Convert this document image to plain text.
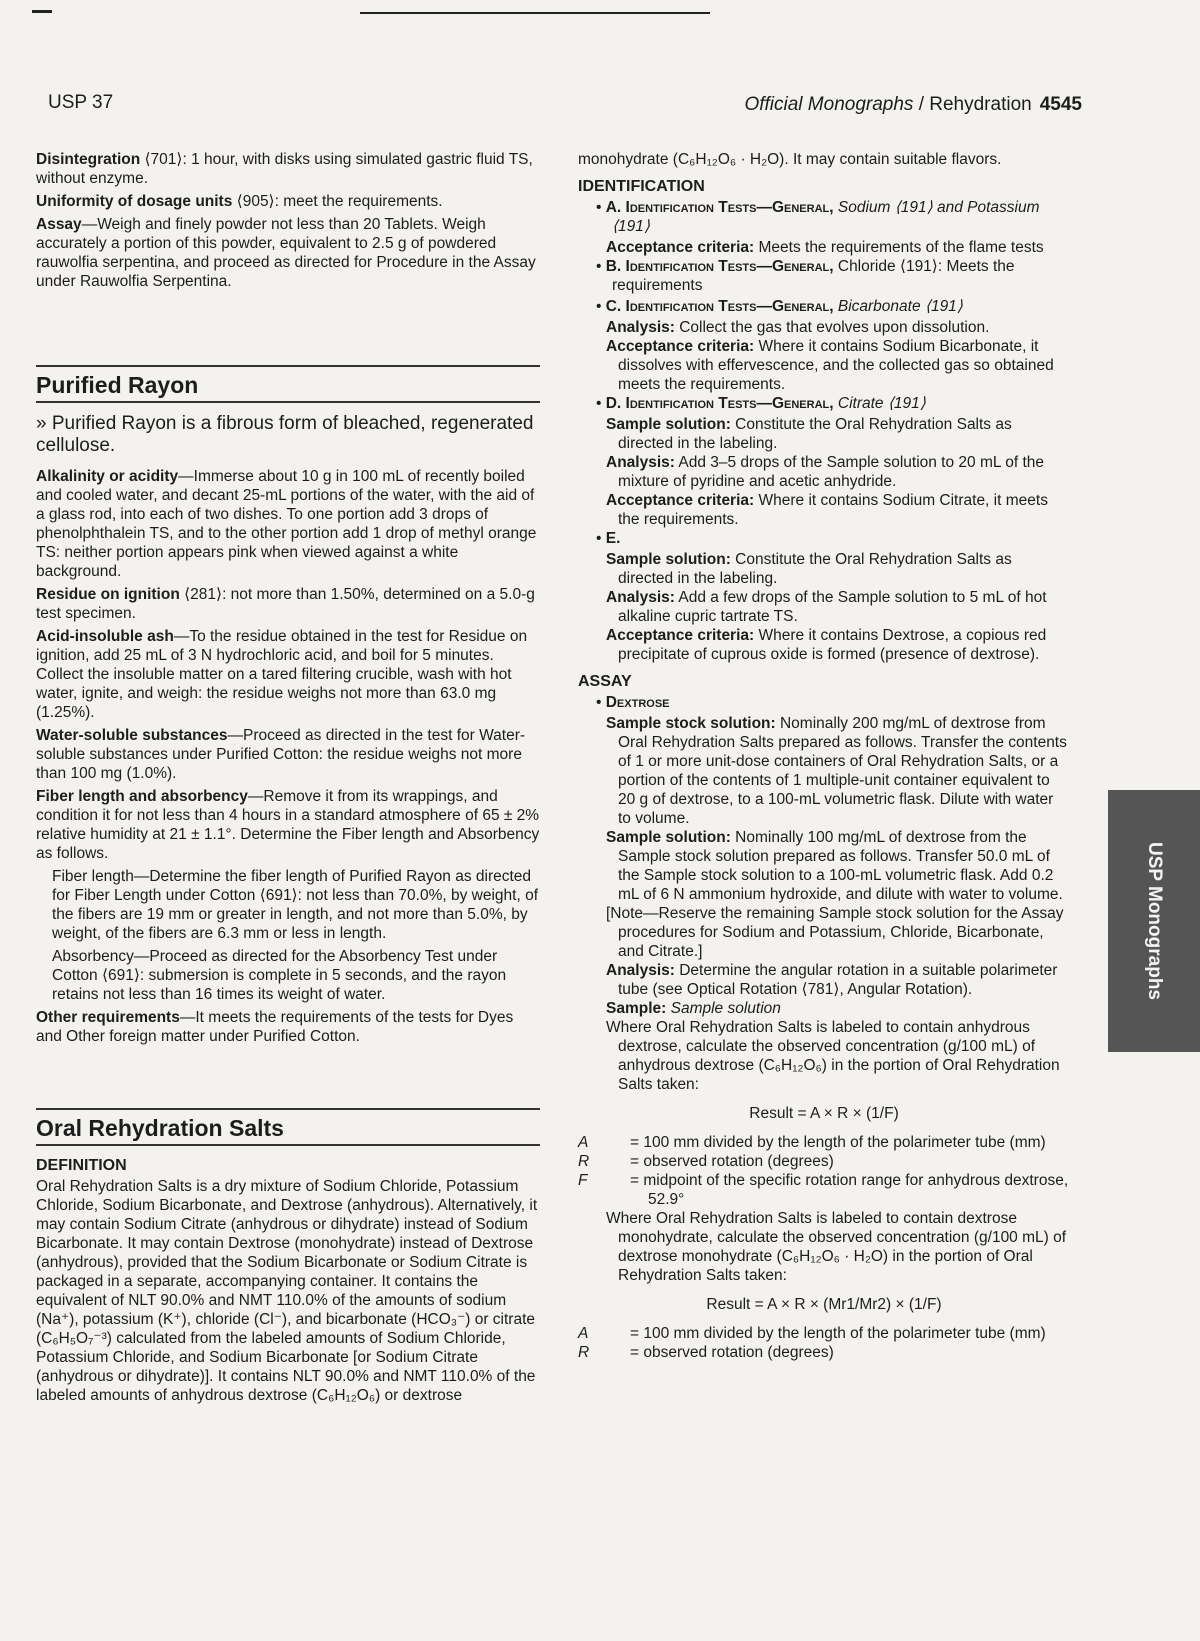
USP 37	Official Monographs / Rehydration 4545

Disintegration ⟨701⟩: 1 hour, with disks using simulated gastric fluid TS, without enzyme.

Uniformity of dosage units ⟨905⟩: meet the requirements.

Assay—Weigh and finely powder not less than 20 Tablets. Weigh accurately a portion of this powder, equivalent to 2.5 g of powdered rauwolfia serpentina, and proceed as directed for Procedure in the Assay under Rauwolfia Serpentina.

Purified Rayon

» Purified Rayon is a fibrous form of bleached, regenerated cellulose.

Alkalinity or acidity—Immerse about 10 g in 100 mL of recently boiled and cooled water, and decant 25-mL portions of the water, with the aid of a glass rod, into each of two dishes. To one portion add 3 drops of phenolphthalein TS, and to the other portion add 1 drop of methyl orange TS: neither portion appears pink when viewed against a white background.

Residue on ignition ⟨281⟩: not more than 1.50%, determined on a 5.0-g test specimen.

Acid-insoluble ash—To the residue obtained in the test for Residue on ignition, add 25 mL of 3 N hydrochloric acid, and boil for 5 minutes. Collect the insoluble matter on a tared filtering crucible, wash with hot water, ignite, and weigh: the residue weighs not more than 63.0 mg (1.25%).

Water-soluble substances—Proceed as directed in the test for Water-soluble substances under Purified Cotton: the residue weighs not more than 100 mg (1.0%).

Fiber length and absorbency—Remove it from its wrappings, and condition it for not less than 4 hours in a standard atmosphere of 65 ± 2% relative humidity at 21 ± 1.1°. Determine the Fiber length and Absorbency as follows.

Fiber length—Determine the fiber length of Purified Rayon as directed for Fiber Length under Cotton ⟨691⟩: not less than 70.0%, by weight, of the fibers are 19 mm or greater in length, and not more than 5.0%, by weight, of the fibers are 6.3 mm or less in length.

Absorbency—Proceed as directed for the Absorbency Test under Cotton ⟨691⟩: submersion is complete in 5 seconds, and the rayon retains not less than 16 times its weight of water.

Other requirements—It meets the requirements of the tests for Dyes and Other foreign matter under Purified Cotton.

Oral Rehydration Salts
DEFINITION

Oral Rehydration Salts is a dry mixture of Sodium Chloride, Potassium Chloride, Sodium Bicarbonate, and Dextrose (anhydrous). Alternatively, it may contain Sodium Citrate (anhydrous or dihydrate) instead of Sodium Bicarbonate. It may contain Dextrose (monohydrate) instead of Dextrose (anhydrous), provided that the Sodium Bicarbonate or Sodium Citrate is packaged in a separate, accompanying container. It contains the equivalent of NLT 90.0% and NMT 110.0% of the amounts of sodium (Na⁺), potassium (K⁺), chloride (Cl⁻), and bicarbonate (HCO₃⁻) or citrate (C₆H₅O₇⁻³) calculated from the labeled amounts of Sodium Chloride, Potassium Chloride, and Sodium Bicarbonate [or Sodium Citrate (anhydrous or dihydrate)]. It contains NLT 90.0% and NMT 110.0% of the labeled amounts of anhydrous dextrose (C₆H₁₂O₆) or dextrose

monohydrate (C₆H₁₂O₆ · H₂O). It may contain suitable flavors.

IDENTIFICATION

• A. Identification Tests—General, Sodium ⟨191⟩ and Potassium ⟨191⟩

Acceptance criteria: Meets the requirements of the flame tests

• B. Identification Tests—General, Chloride ⟨191⟩: Meets the requirements

• C. Identification Tests—General, Bicarbonate ⟨191⟩

Analysis: Collect the gas that evolves upon dissolution.

Acceptance criteria: Where it contains Sodium Bicarbonate, it dissolves with effervescence, and the collected gas so obtained meets the requirements.

• D. Identification Tests—General, Citrate ⟨191⟩

Sample solution: Constitute the Oral Rehydration Salts as directed in the labeling.

Analysis: Add 3–5 drops of the Sample solution to 20 mL of the mixture of pyridine and acetic anhydride.

Acceptance criteria: Where it contains Sodium Citrate, it meets the requirements.

• E.

Sample solution: Constitute the Oral Rehydration Salts as directed in the labeling.

Analysis: Add a few drops of the Sample solution to 5 mL of hot alkaline cupric tartrate TS.

Acceptance criteria: Where it contains Dextrose, a copious red precipitate of cuprous oxide is formed (presence of dextrose).

ASSAY

• Dextrose

Sample stock solution: Nominally 200 mg/mL of dextrose from Oral Rehydration Salts prepared as follows. Transfer the contents of 1 or more unit-dose containers of Oral Rehydration Salts, or a portion of the contents of 1 multiple-unit container equivalent to 20 g of dextrose, to a 100-mL volumetric flask. Dilute with water to volume.

Sample solution: Nominally 100 mg/mL of dextrose from the Sample stock solution prepared as follows. Transfer 50.0 mL of the Sample stock solution to a 100-mL volumetric flask. Add 0.2 mL of 6 N ammonium hydroxide, and dilute with water to volume.

[Note—Reserve the remaining Sample stock solution for the Assay procedures for Sodium and Potassium, Chloride, Bicarbonate, and Citrate.]

Analysis: Determine the angular rotation in a suitable polarimeter tube (see Optical Rotation ⟨781⟩, Angular Rotation).

Sample: Sample solution

Where Oral Rehydration Salts is labeled to contain anhydrous dextrose, calculate the observed concentration (g/100 mL) of anhydrous dextrose (C₆H₁₂O₆) in the portion of Oral Rehydration Salts taken:

Result = A × R × (1/F)

A	= 100 mm divided by the length of the polarimeter tube (mm)
R	= observed rotation (degrees)
F	= midpoint of the specific rotation range for anhydrous dextrose, 52.9°

Where Oral Rehydration Salts is labeled to contain dextrose monohydrate, calculate the observed concentration (g/100 mL) of dextrose monohydrate (C₆H₁₂O₆ · H₂O) in the portion of Oral Rehydration Salts taken:

Result = A × R × (Mr1/Mr2) × (1/F)

A	= 100 mm divided by the length of the polarimeter tube (mm)
R	= observed rotation (degrees)
USP Monographs
